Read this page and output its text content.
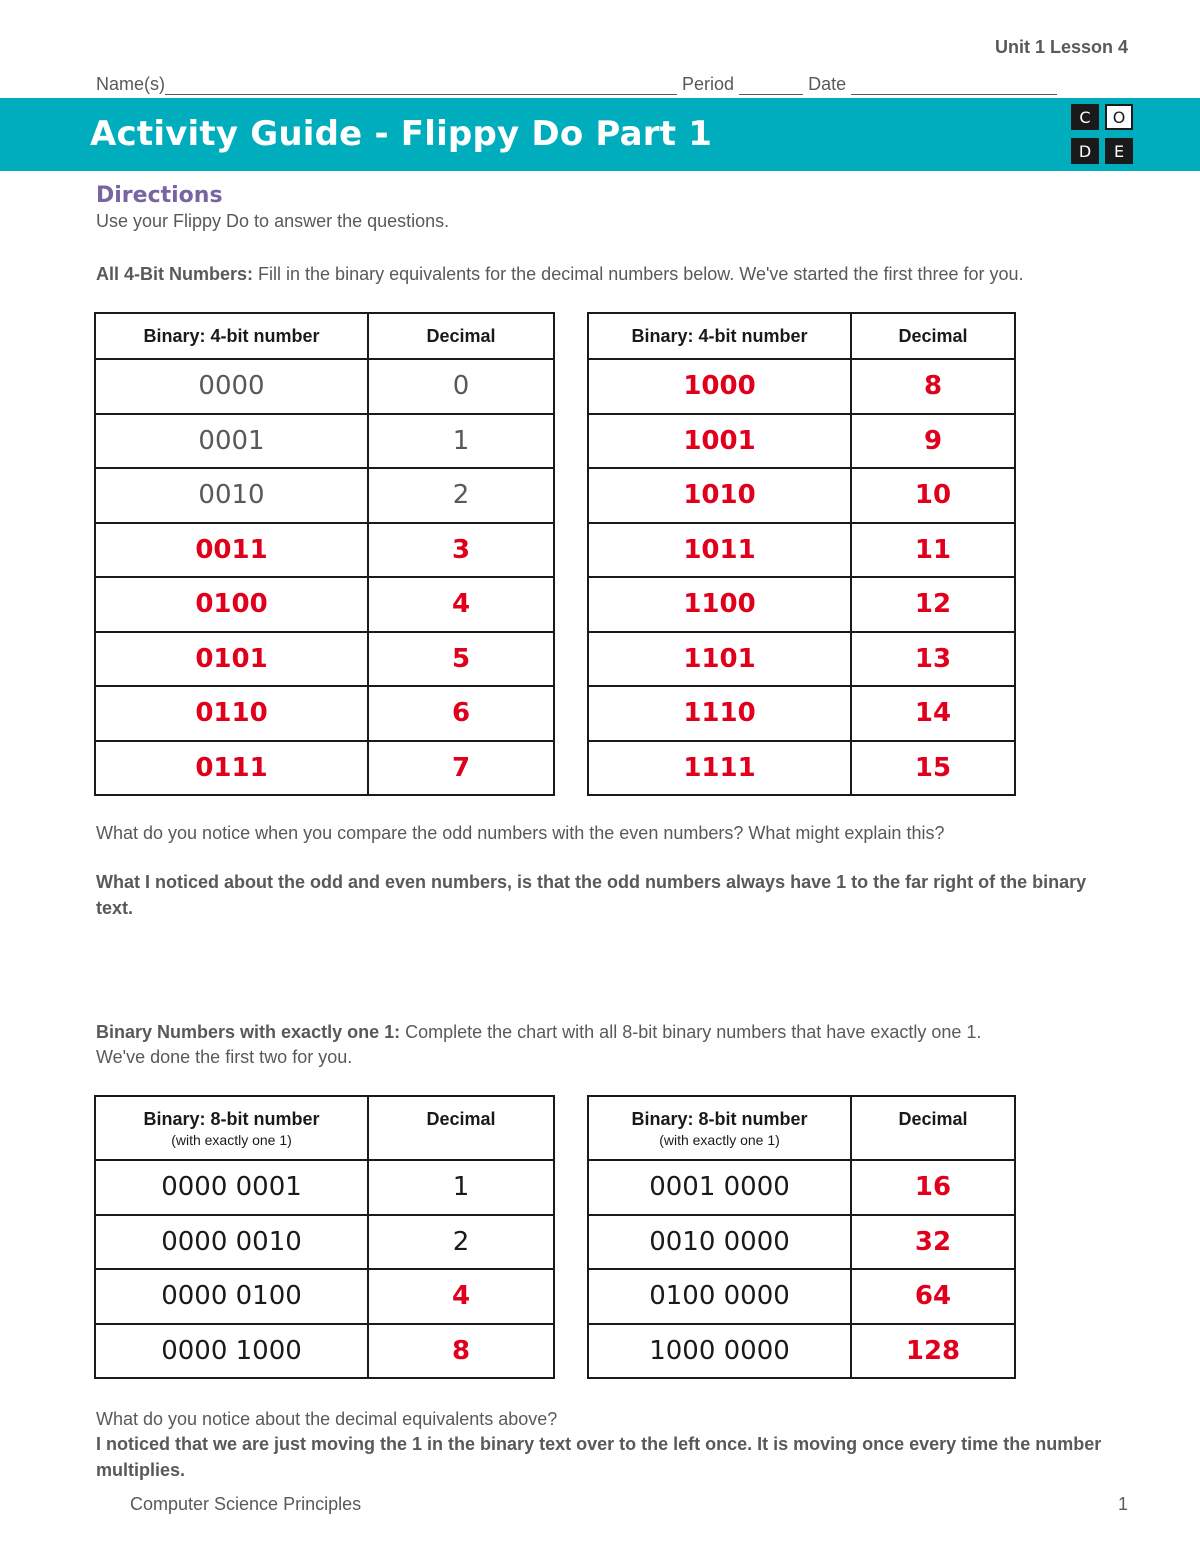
Unit 1 Lesson 4
Name(s)	Period	Date
Activity Guide - Flippy Do Part 1	C	O
D	E
Directions
Use your Flippy Do to answer the questions.
All 4-Bit Numbers: Fill in the binary equivalents for the decimal numbers below. We've started the first three for you.
Binary: 4-bit number	Decimal
0000	0
0001	1
0010	2
0011	3
0100	4
0101	5
0110	6
0111	7
Binary: 4-bit number	Decimal
1000	8
1001	9
1010	10
1011	11
1100	12
1101	13
1110	14
1111	15
What do you notice when you compare the odd numbers with the even numbers? What might explain this?
What I noticed about the odd and even numbers, is that the odd numbers always have 1 to the far right of the binary text.
Binary Numbers with exactly one 1: Complete the chart with all 8-bit binary numbers that have exactly one 1.
We've done the first two for you.
Binary: 8-bit number
(with exactly one 1)	Decimal
0000 0001	1
0000 0010	2
0000 0100	4
0000 1000	8
Binary: 8-bit number
(with exactly one 1)	Decimal
0001 0000	16
0010 0000	32
0100 0000	64
1000 0000	128
What do you notice about the decimal equivalents above?
I noticed that we are just moving the 1 in the binary text over to the left once. It is moving once every time the number multiplies.
Computer Science Principles	1
